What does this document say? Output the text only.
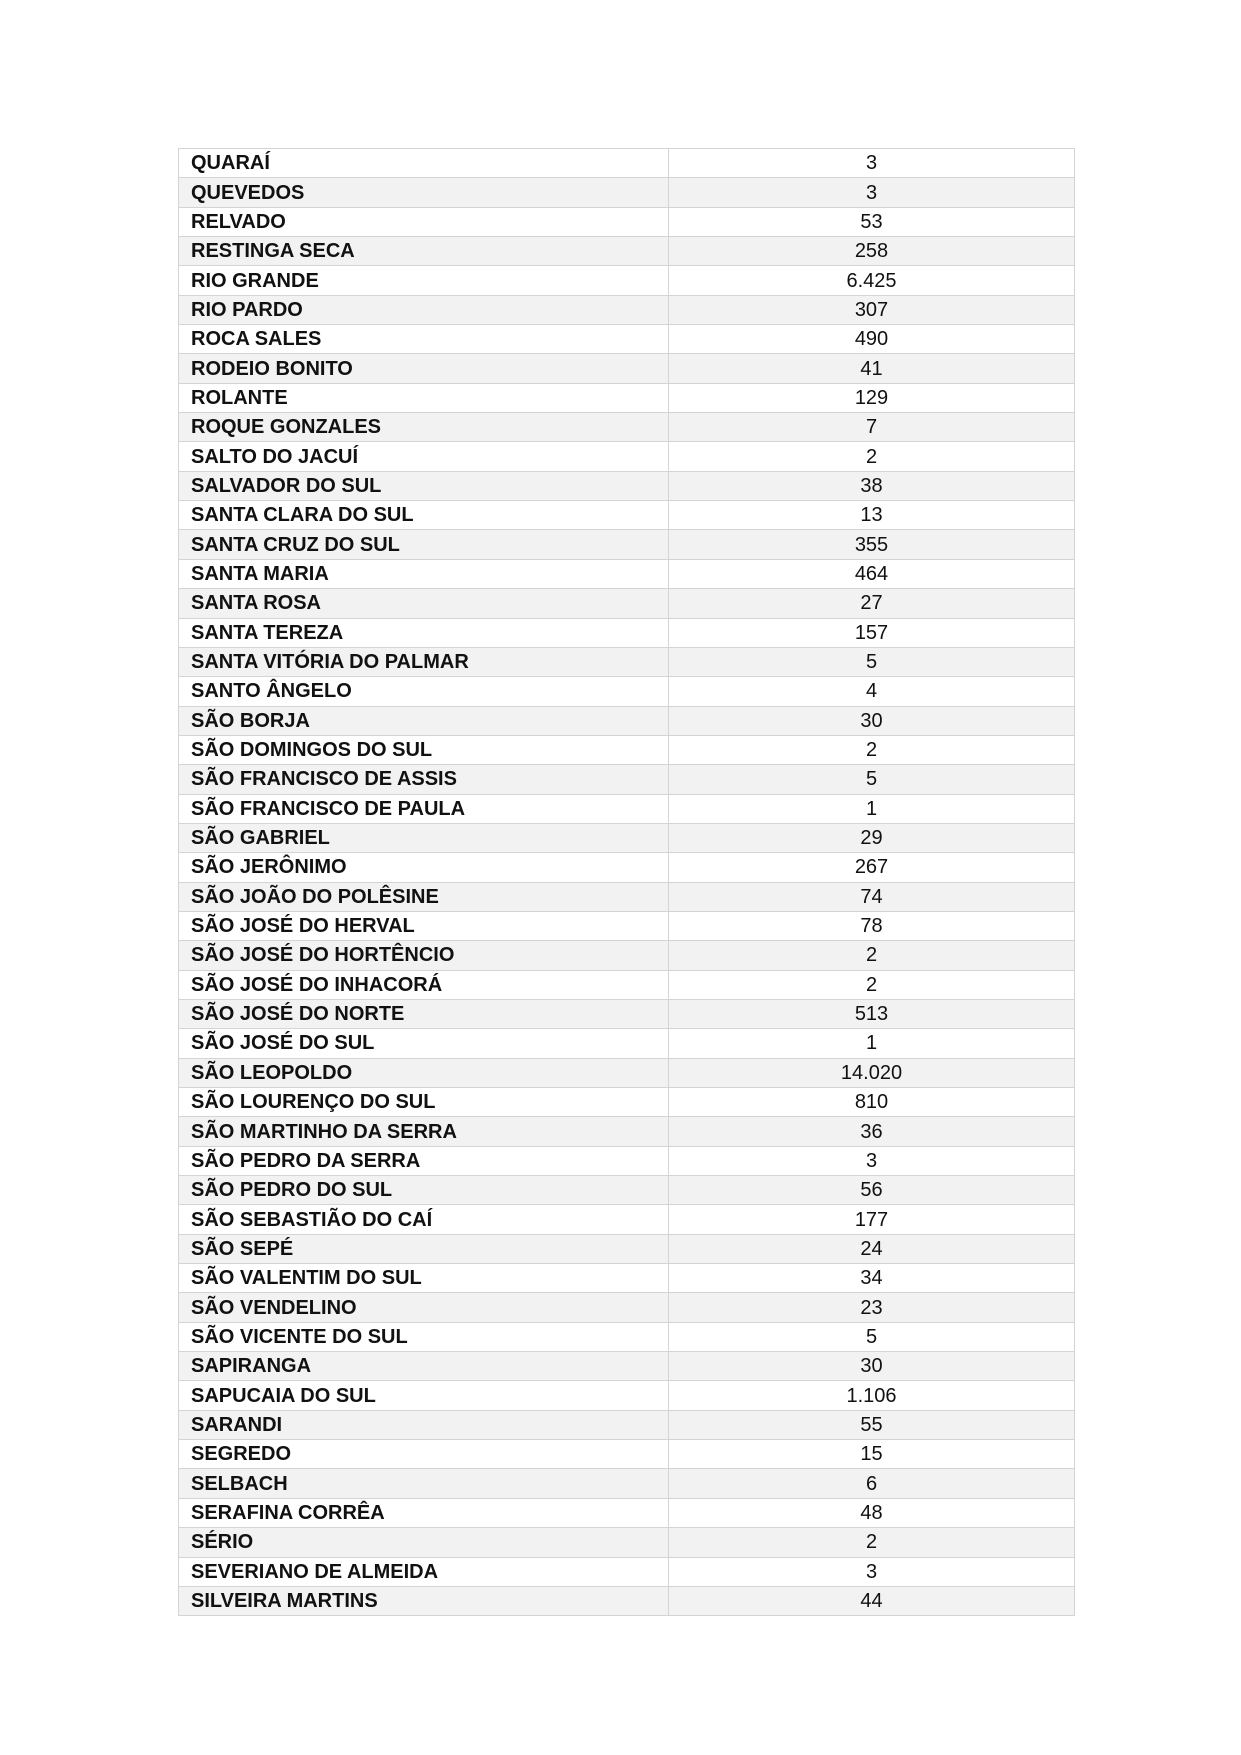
QUARAÍ	3
QUEVEDOS	3
RELVADO	53
RESTINGA SECA	258
RIO GRANDE	6.425
RIO PARDO	307
ROCA SALES	490
RODEIO BONITO	41
ROLANTE	129
ROQUE GONZALES	7
SALTO DO JACUÍ	2
SALVADOR DO SUL	38
SANTA CLARA DO SUL	13
SANTA CRUZ DO SUL	355
SANTA MARIA	464
SANTA ROSA	27
SANTA TEREZA	157
SANTA VITÓRIA DO PALMAR	5
SANTO ÂNGELO	4
SÃO BORJA	30
SÃO DOMINGOS DO SUL	2
SÃO FRANCISCO DE ASSIS	5
SÃO FRANCISCO DE PAULA	1
SÃO GABRIEL	29
SÃO JERÔNIMO	267
SÃO JOÃO DO POLÊSINE	74
SÃO JOSÉ DO HERVAL	78
SÃO JOSÉ DO HORTÊNCIO	2
SÃO JOSÉ DO INHACORÁ	2
SÃO JOSÉ DO NORTE	513
SÃO JOSÉ DO SUL	1
SÃO LEOPOLDO	14.020
SÃO LOURENÇO DO SUL	810
SÃO MARTINHO DA SERRA	36
SÃO PEDRO DA SERRA	3
SÃO PEDRO DO SUL	56
SÃO SEBASTIÃO DO CAÍ	177
SÃO SEPÉ	24
SÃO VALENTIM DO SUL	34
SÃO VENDELINO	23
SÃO VICENTE DO SUL	5
SAPIRANGA	30
SAPUCAIA DO SUL	1.106
SARANDI	55
SEGREDO	15
SELBACH	6
SERAFINA CORRÊA	48
SÉRIO	2
SEVERIANO DE ALMEIDA	3
SILVEIRA MARTINS	44
